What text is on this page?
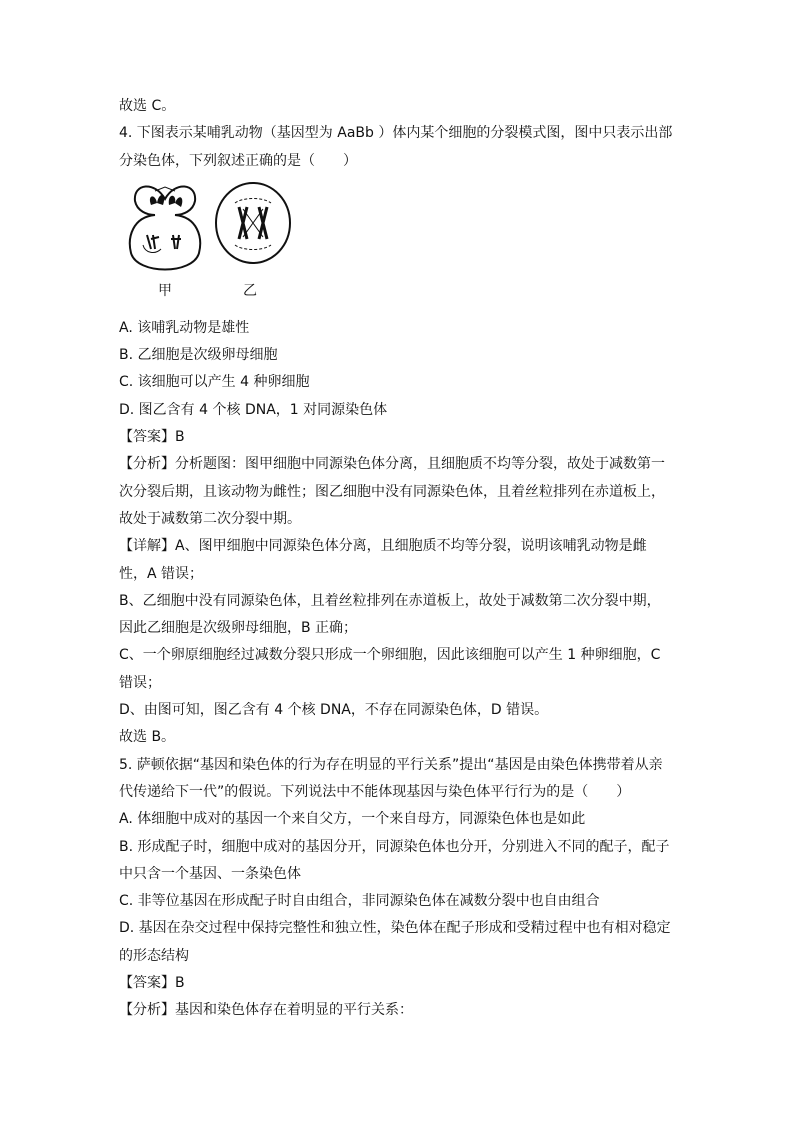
故选 C。
4. 下图表示某哺乳动物（基因型为 AaBb ）体内某个细胞的分裂模式图，图中只表示出部
分染色体，下列叙述正确的是（　　）
甲	乙
A. 该哺乳动物是雄性
B. 乙细胞是次级卵母细胞
C. 该细胞可以产生 4 种卵细胞
D. 图乙含有 4 个核 DNA，1 对同源染色体
【答案】B
【分析】分析题图：图甲细胞中同源染色体分离，且细胞质不均等分裂，故处于减数第一
次分裂后期，且该动物为雌性；图乙细胞中没有同源染色体，且着丝粒排列在赤道板上，
故处于减数第二次分裂中期。
【详解】A、图甲细胞中同源染色体分离，且细胞质不均等分裂，说明该哺乳动物是雌
性，A 错误；
B、乙细胞中没有同源染色体，且着丝粒排列在赤道板上，故处于减数第二次分裂中期，
因此乙细胞是次级卵母细胞，B 正确；
C、一个卵原细胞经过减数分裂只形成一个卵细胞，因此该细胞可以产生 1 种卵细胞，C
错误；
D、由图可知，图乙含有 4 个核 DNA，不存在同源染色体，D 错误。
故选 B。
5. 萨顿依据“基因和染色体的行为存在明显的平行关系”提出“基因是由染色体携带着从亲
代传递给下一代”的假说。下列说法中不能体现基因与染色体平行行为的是（　　）
A. 体细胞中成对的基因一个来自父方，一个来自母方，同源染色体也是如此
B. 形成配子时，细胞中成对的基因分开，同源染色体也分开，分别进入不同的配子，配子
中只含一个基因、一条染色体
C. 非等位基因在形成配子时自由组合，非同源染色体在减数分裂中也自由组合
D. 基因在杂交过程中保持完整性和独立性，染色体在配子形成和受精过程中也有相对稳定
的形态结构
【答案】B
【分析】基因和染色体存在着明显的平行关系：
